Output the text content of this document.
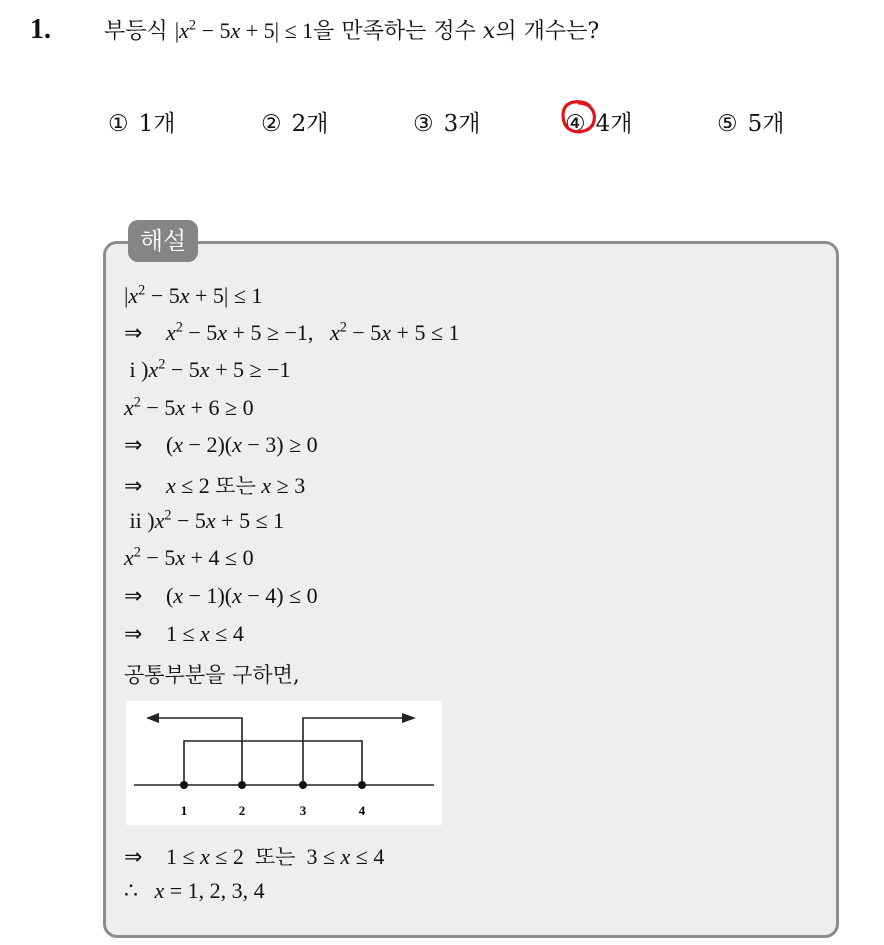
1. 부등식 $|x^2 - 5x + 5| \le 1$을 만족하는 정수 x의 개수는?
① 1개	② 2개	③ 3개	④ 4개	⑤ 5개
해설
$|x^2 - 5x + 5| \le 1$
⇒ $x^2 - 5x + 5 \ge -1$,   $x^2 - 5x + 5 \le 1$
i )$x^2 - 5x + 5 \ge -1$
$x^2 - 5x + 6 \ge 0$
⇒ (x − 2)(x − 3) ≥ 0
⇒ x ≤ 2 또는 x ≥ 3
ii )$x^2 - 5x + 5 \le 1$
$x^2 - 5x + 4 \le 0$
⇒ (x − 1)(x − 4) ≤ 0
⇒ 1 ≤ x ≤ 4
공통부분을 구하면,
1	2	3	4
⇒ 1 ≤ x ≤ 2  또는  3 ≤ x ≤ 4
∴   x = 1, 2, 3, 4
